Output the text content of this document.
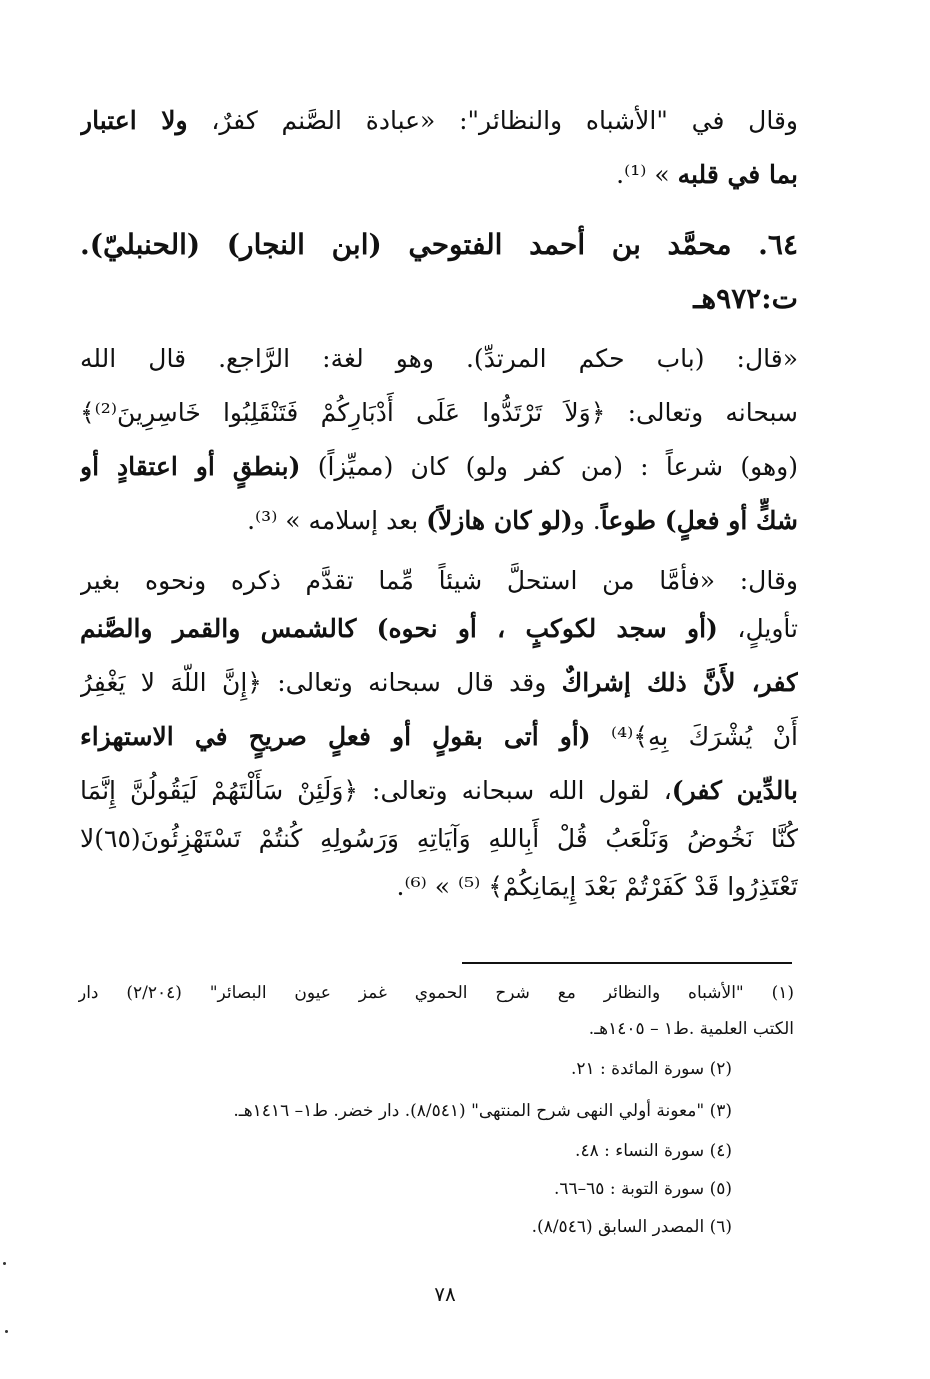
وقال في "الأشباه والنظائر": «عبادة الصَّنم كفرٌ، ولا اعتبار
بما في قلبه » ⁽¹⁾.
٦٤. محمَّد بن أحمد الفتوحي (ابن النجار) (الحنبليّ).
ت:٩٧٢هـ
«قال: (باب حكم المرتدِّ). وهو لغة: الرَّاجع. قال الله
سبحانه وتعالى: ﴿وَلاَ تَرْتَدُّوا عَلَى أَدْبَارِكُمْ فَتَنْقَلِبُوا خَاسِرِينَ⁽²⁾﴾
(وهو) شرعاً : (من كفر ولو) كان (مميِّزاً) (بنطقٍ أو اعتقادٍ أو
شكٍّ أو فعلٍ) طوعاً. و(لو كان هازلاً) بعد إسلامه » ⁽³⁾.
وقال: «فأمَّا من استحلَّ شيئاً مِّما تقدَّم ذكره ونحوه بغير
تأويلٍ، (أو سجد لكوكبٍ ، أو نحوه) كالشمس والقمر والصَّنم
كفر، لأَنَّ ذلك إشراكٌ وقد قال سبحانه وتعالى: ﴿إِنَّ اللّهَ لا يَغْفِرُ
أَنْ يُشْرَكَ بِهِ﴾⁽⁴⁾ (أو أتى بقولٍ أو فعلٍ صريحٍ في الاستهزاء
بالدِّين كفر)، لقول الله سبحانه وتعالى: ﴿وَلَئِنْ سَأَلْتَهُمْ لَيَقُولُنَّ إِنَّمَا
كُنَّا نَخُوضُ وَنَلْعَبُ قُلْ أَبِاللهِ وَآيَاتِهِ وَرَسُولِهِ كُنتُمْ تَسْتَهْزِئُونَ(٦٥)لا
تَعْتَذِرُوا قَدْ كَفَرْتُمْ بَعْدَ إِيمَانِكُمْ﴾ ⁽⁵⁾ » ⁽⁶⁾.
(١) "الأشباه والنظائر مع شرح الحموي غمز عيون البصائر" (٢/٢٠٤) دار
الكتب العلمية .ط١ – ١٤٠٥هـ.
(٢) سورة المائدة : ٢١.
(٣) "معونة أولي النهى شرح المنتهى" (٨/٥٤١). دار خضر. ط١– ١٤١٦هـ.
(٤) سورة النساء : ٤٨.
(٥) سورة التوبة : ٦٥–٦٦.
(٦) المصدر السابق (٨/٥٤٦).
٧٨
